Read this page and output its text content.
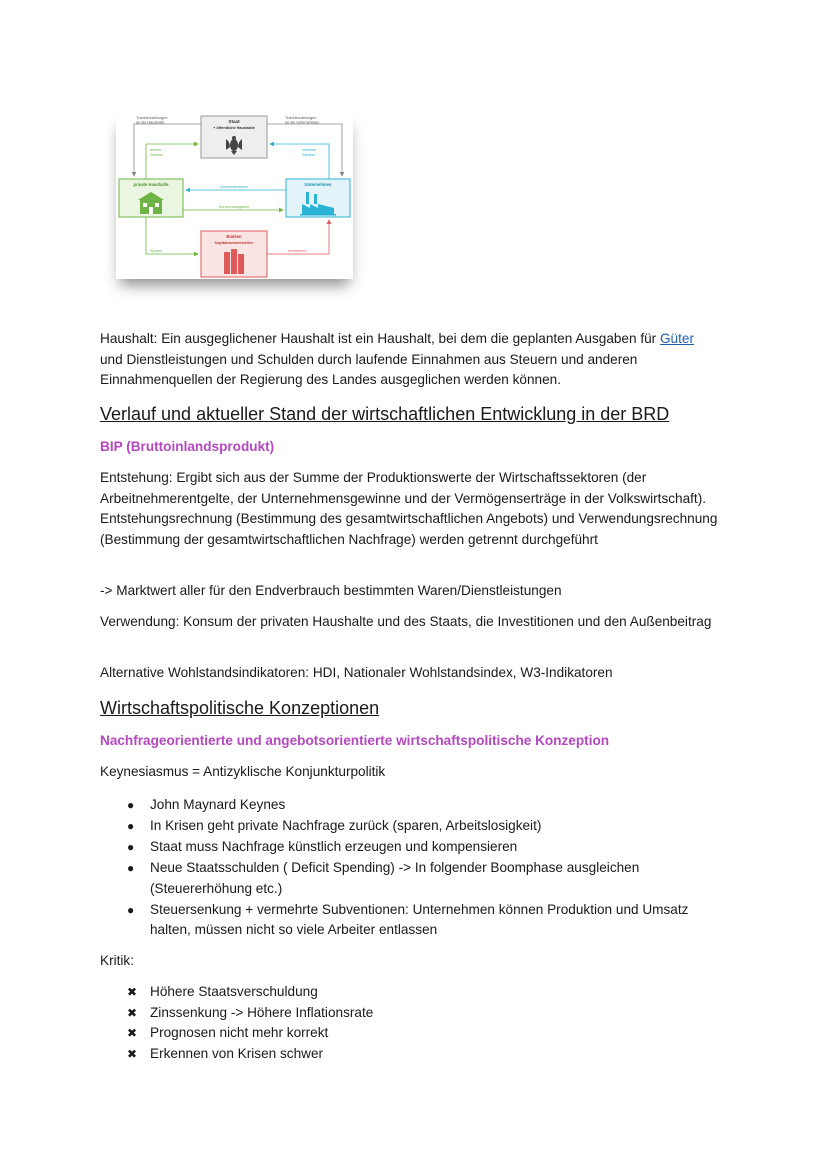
Staat
+ öffentliche Haushalte
private Haushalte	Unternehmen
Banken
Kapitalsammelstellen
Transferzahlungen
an die Haushalte
Transferzahlungen
an die Unternehmen
direkte
Steuern
indirekte
Steuern
Volkseinkommen
Konsumausgaben
Sparen	Investieren

Haushalt: Ein ausgeglichener Haushalt ist ein Haushalt, bei dem die geplanten Ausgaben für Güter und Dienstleistungen und Schulden durch laufende Einnahmen aus Steuern und anderen Einnahmenquellen der Regierung des Landes ausgeglichen werden können.

Verlauf und aktueller Stand der wirtschaftlichen Entwicklung in der BRD
BIP (Bruttoinlandsprodukt)

Entstehung: Ergibt sich aus der Summe der Produktionswerte der Wirtschaftssektoren (der Arbeitnehmerentgelte, der Unternehmensgewinne und der Vermögenserträge in der Volkswirtschaft). Entstehungsrechnung (Bestimmung des gesamtwirtschaftlichen Angebots) und Verwendungsrechnung (Bestimmung der gesamtwirtschaftlichen Nachfrage) werden getrennt durchgeführt

-> Marktwert aller für den Endverbrauch bestimmten Waren/Dienstleistungen

Verwendung: Konsum der privaten Haushalte und des Staats, die Investitionen und den Außenbeitrag

Alternative Wohlstandsindikatoren: HDI, Nationaler Wohlstandsindex, W3-Indikatoren

Wirtschaftspolitische Konzeptionen
Nachfrageorientierte und angebotsorientierte wirtschaftspolitische Konzeption

Keynesiasmus = Antizyklische Konjunkturpolitik

● John Maynard Keynes
● In Krisen geht private Nachfrage zurück (sparen, Arbeitslosigkeit)
● Staat muss Nachfrage künstlich erzeugen und kompensieren
● Neue Staatsschulden ( Deficit Spending) -> In folgender Boomphase ausgleichen (Steuererhöhung etc.)
● Steuersenkung + vermehrte Subventionen: Unternehmen können Produktion und Umsatz halten, müssen nicht so viele Arbeiter entlassen

Kritik:

✖ Höhere Staatsverschuldung
✖ Zinssenkung -> Höhere Inflationsrate
✖ Prognosen nicht mehr korrekt
✖ Erkennen von Krisen schwer
